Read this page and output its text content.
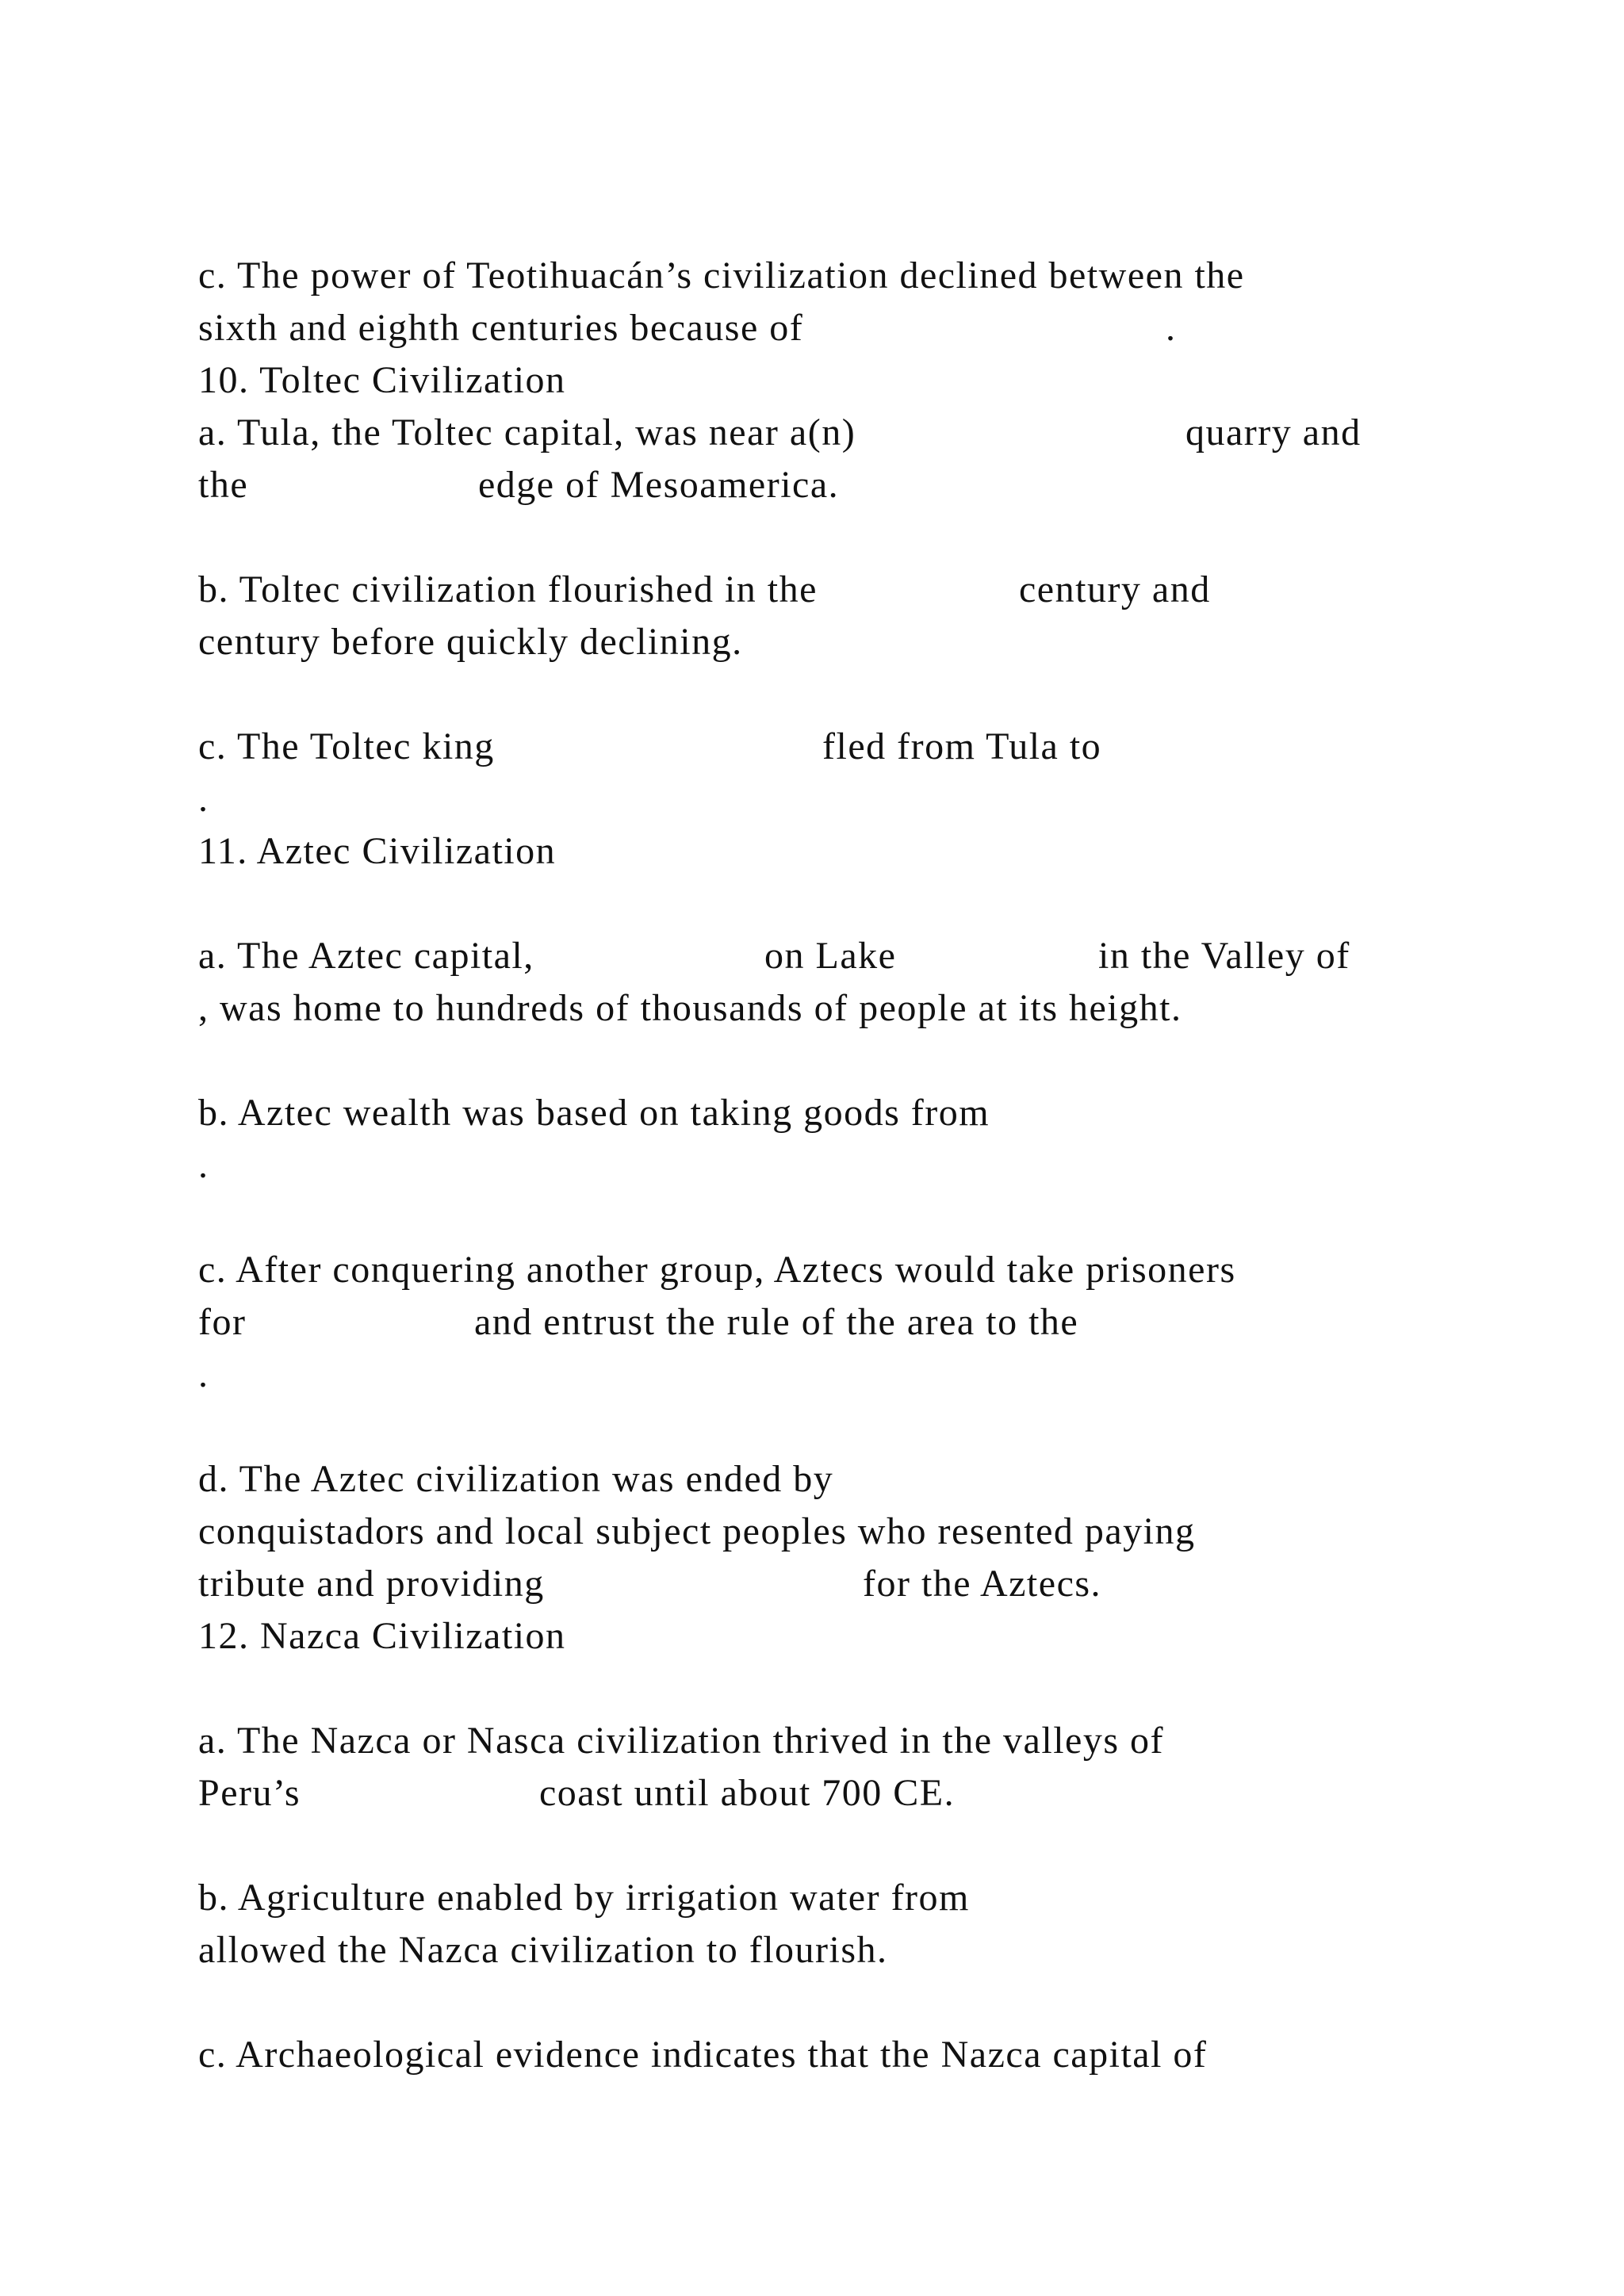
c. The power of Teotihuacán’s civilization declined between the

sixth and eighth centuries because of	.

10. Toltec Civilization

a. Tula, the Toltec capital, was near a(n)	quarry and

the	edge of Mesoamerica.

b. Toltec civilization flourished in the	century and

century before quickly declining.

c. The Toltec king	fled from Tula to

.

11. Aztec Civilization

a. The Aztec capital,	on Lake	in the Valley of

, was home to hundreds of thousands of people at its height.

b. Aztec wealth was based on taking goods from

.

c. After conquering another group, Aztecs would take prisoners

for	and entrust the rule of the area to the

.

d. The Aztec civilization was ended by

conquistadors and local subject peoples who resented paying

tribute and providing	for the Aztecs.

12. Nazca Civilization

a. The Nazca or Nasca civilization thrived in the valleys of

Peru’s	coast until about 700 CE.

b. Agriculture enabled by irrigation water from

allowed the Nazca civilization to flourish.

c. Archaeological evidence indicates that the Nazca capital of
